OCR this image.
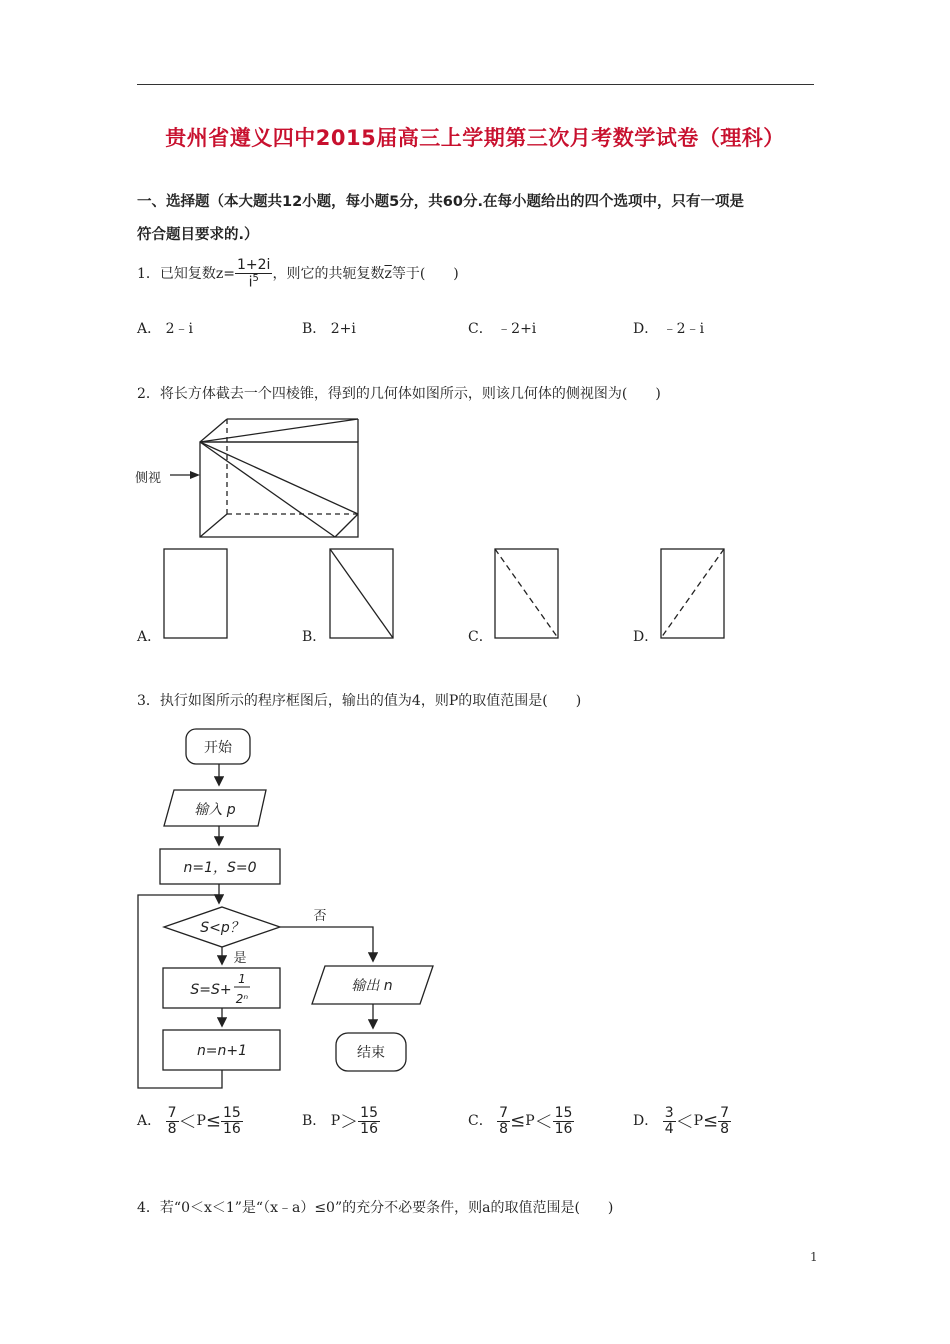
贵州省遵义四中2015届高三上学期第三次月考数学试卷（理科）
一、选择题（本大题共12小题，每小题5分，共60分.在每小题给出的四个选项中，只有一项是
符合题目要求的.）
1．已知复数$z= \frac{1+2i}{i^5}$ ，则它的共轭复数$\overline{z}$等于(　　)
A． 2﹣i	B． 2+i	C． ﹣2+i	D． ﹣2﹣i
2．将长方体截去一个四棱锥，得到的几何体如图所示，则该几何体的侧视图为(　　)
侧视
A．	B．	C．	D．
3．执行如图所示的程序框图后，输出的值为4，则P的取值范围是(　　)
开始
输入 p
n=1，S=0
S<p？
否
是
S=S+
1
2ⁿ
n=n+1
输出 n
结束
A． $\frac{7}{8} <P\le \frac{15}{16}$	B． $P> \frac{15}{16}$	C． $\frac{7}{8} \le P< \frac{15}{16}$	D． $\frac{3}{4} <P\le \frac{7}{8}$
4．若“0＜x＜1”是“（x﹣a）≤0”的充分不必要条件，则a的取值范围是(　　)
1
